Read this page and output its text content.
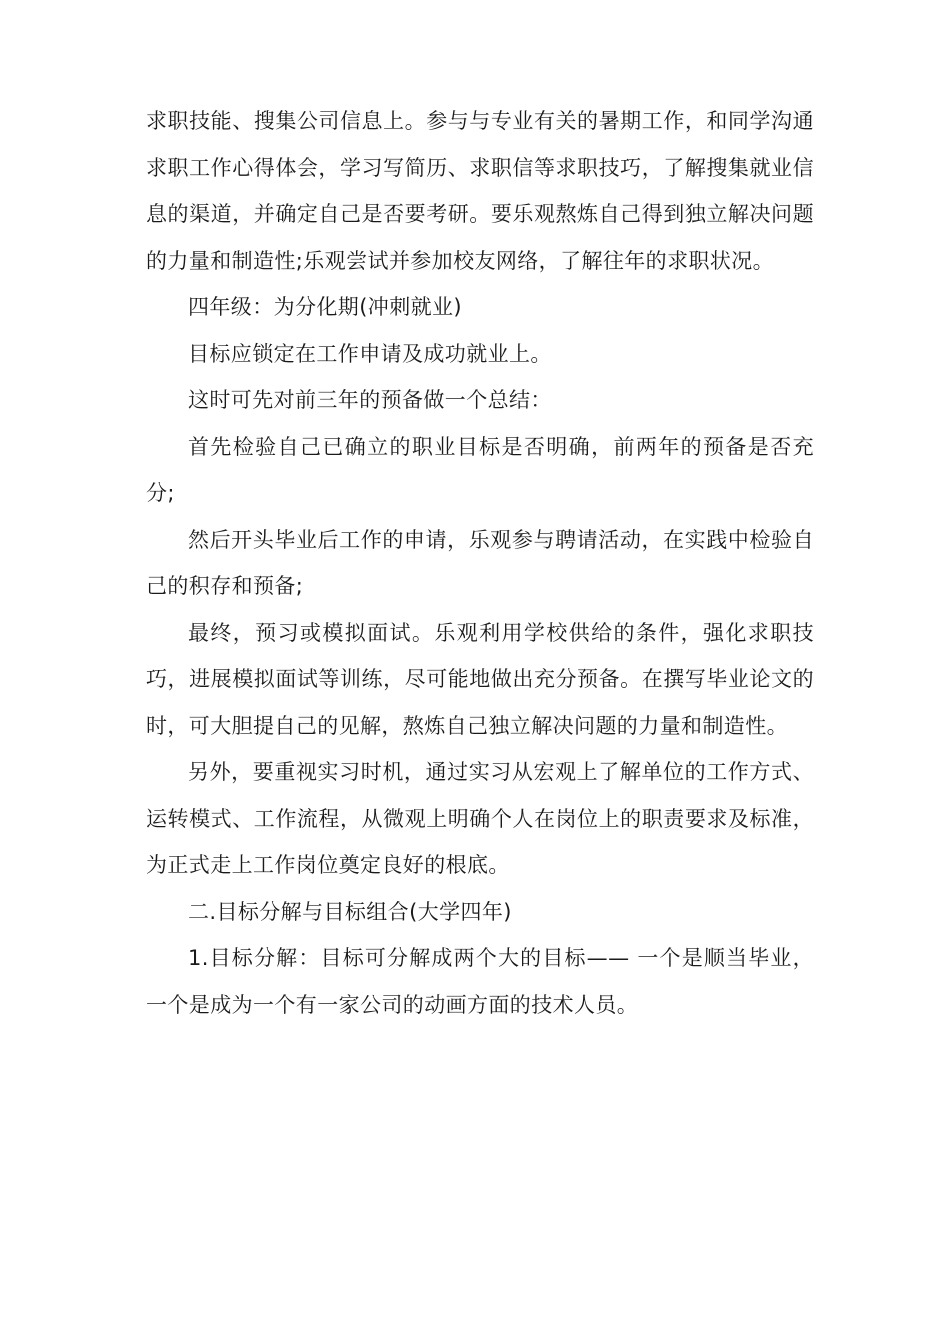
求职技能、搜集公司信息上。参与与专业有关的暑期工作，和同学沟通求职工作心得体会，学习写简历、求职信等求职技巧，了解搜集就业信息的渠道，并确定自己是否要考研。要乐观熬炼自己得到独立解决问题的力量和制造性;乐观尝试并参加校友网络，了解往年的求职状况。

四年级：为分化期(冲刺就业)

目标应锁定在工作申请及成功就业上。

这时可先对前三年的预备做一个总结：

首先检验自己已确立的职业目标是否明确，前两年的预备是否充分;

然后开头毕业后工作的申请，乐观参与聘请活动，在实践中检验自己的积存和预备;

最终，预习或模拟面试。乐观利用学校供给的条件，强化求职技巧，进展模拟面试等训练，尽可能地做出充分预备。在撰写毕业论文的时，可大胆提自己的见解，熬炼自己独立解决问题的力量和制造性。

另外，要重视实习时机，通过实习从宏观上了解单位的工作方式、运转模式、工作流程，从微观上明确个人在岗位上的职责要求及标准，为正式走上工作岗位奠定良好的根底。

二.目标分解与目标组合(大学四年)

1.目标分解：目标可分解成两个大的目标—— 一个是顺当毕业，一个是成为一个有一家公司的动画方面的技术人员。
